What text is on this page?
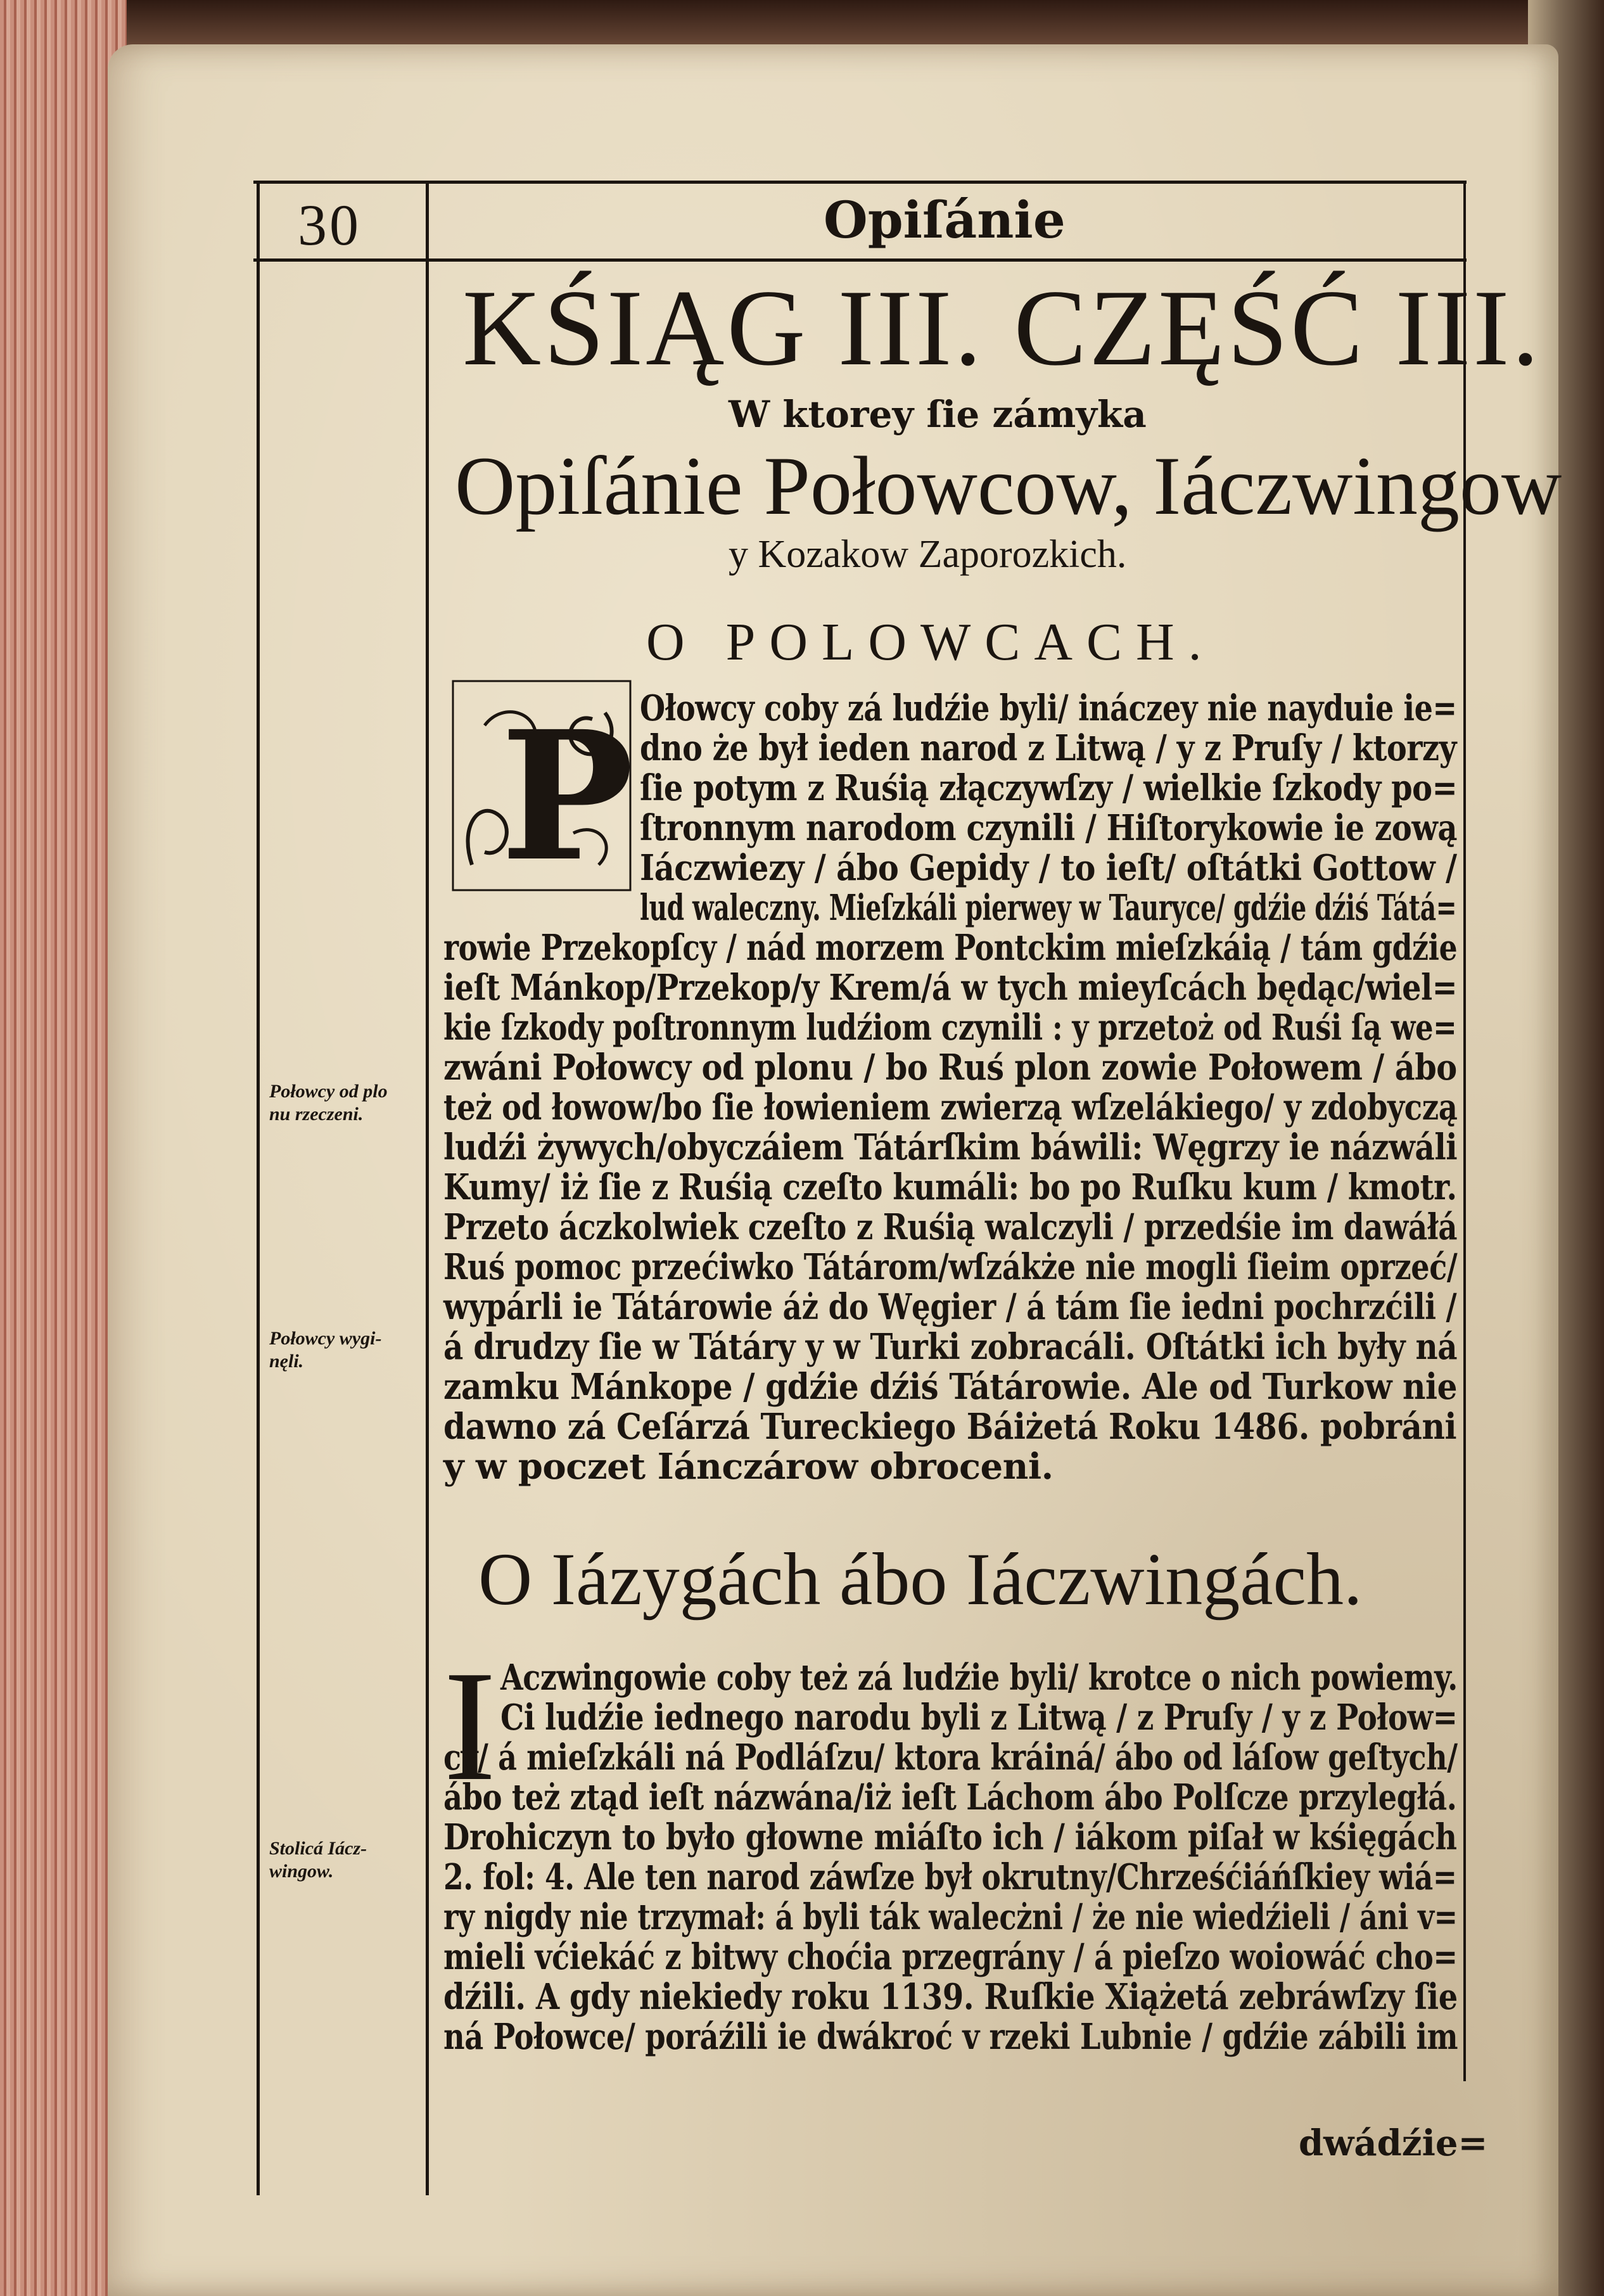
30	Opiſánie
KŚIĄG III. CZĘŚĆ III.
W ktorey ſie zámyka
Opiſánie Połowcow, Iáczwingow
y Kozakow Zaporozkich.
O POLOWCACH.
P Ołowcy coby zá ludźie byli/ ináczey nie nayduie ie=
dno że był ieden narod z Litwą / y z Pruſy / ktorzy
ſie potym z Ruśią złączywſzy / wielkie ſzkody po=
ſtronnym narodom czynili / Hiſtorykowie ie zową
Iáczwiezy / ábo Gepidy / to ieſt/ oſtátki Gottow /
lud waleczny. Mieſzkáli pierwey w Tauryce/ gdźie dźiś Tátá=
rowie Przekopſcy / nád morzem Pontckim mieſzkáią / tám gdźie
ieſt Mánkop/Przekop/y Krem/á w tych mieyſcách będąc/wiel=
kie ſzkody poſtronnym ludźiom czynili : y przetoż od Ruśi ſą we=
zwáni Połowcy od plonu / bo Ruś plon zowie Połowem / ábo
też od łowow/bo ſie łowieniem zwierzą wſzelákiego/ y zdobyczą
ludźi żywych/obyczáiem Tátárſkim báwili: Węgrzy ie názwáli
Kumy/ iż ſie z Ruśią czeſto kumáli: bo po Ruſku kum / kmotr.
Przeto áczkolwiek czeſto z Ruśią walczyli / przedśie im dawáłá
Ruś pomoc przećiwko Tátárom/wſzákże nie mogli ſieim oprzeć/
wypárli ie Tátárowie áż do Węgier / á tám ſie iedni pochrzćili /
á drudzy ſie w Tátáry y w Turki zobracáli. Oſtátki ich były ná
zamku Mánkope / gdźie dźiś Tátárowie. Ale od Turkow nie
dawno zá Ceſárzá Tureckiego Báiżetá Roku 1486. pobráni
y w poczet Iánczárow obroceni.
O Iázygách ábo Iáczwingách.
I Aczwingowie coby też zá ludźie byli/ krotce o nich powiemy.
Ci ludźie iednego narodu byli z Litwą / z Pruſy / y z Połow=
cy/ á mieſzkáli ná Podláſzu/ ktora kráiná/ ábo od láſow geſtych/
ábo też ztąd ieſt názwána/iż ieſt Láchom ábo Polſcze przyległá.
Drohiczyn to było głowne miáſto ich / iákom piſał w kśięgách
2. fol: 4. Ale ten narod záwſze był okrutny/Chrześćiáńſkiey wiá=
ry nigdy nie trzymał: á byli ták walecżni / że nie wiedźieli / áni v=
mieli vćiekáć z bitwy choćia przegrány / á pieſzo woiowáć cho=
dźili. A gdy niekiedy roku 1139. Ruſkie Xiążetá zebráwſzy ſie
ná Połowce/ poráźili ie dwákroć v rzeki Lubnie / gdźie zábili im
Połowcy od plo
nu rzeczeni.
Połowcy wygi-
nęli.
Stolicá Iácz-
wingow.
dwádźie=
